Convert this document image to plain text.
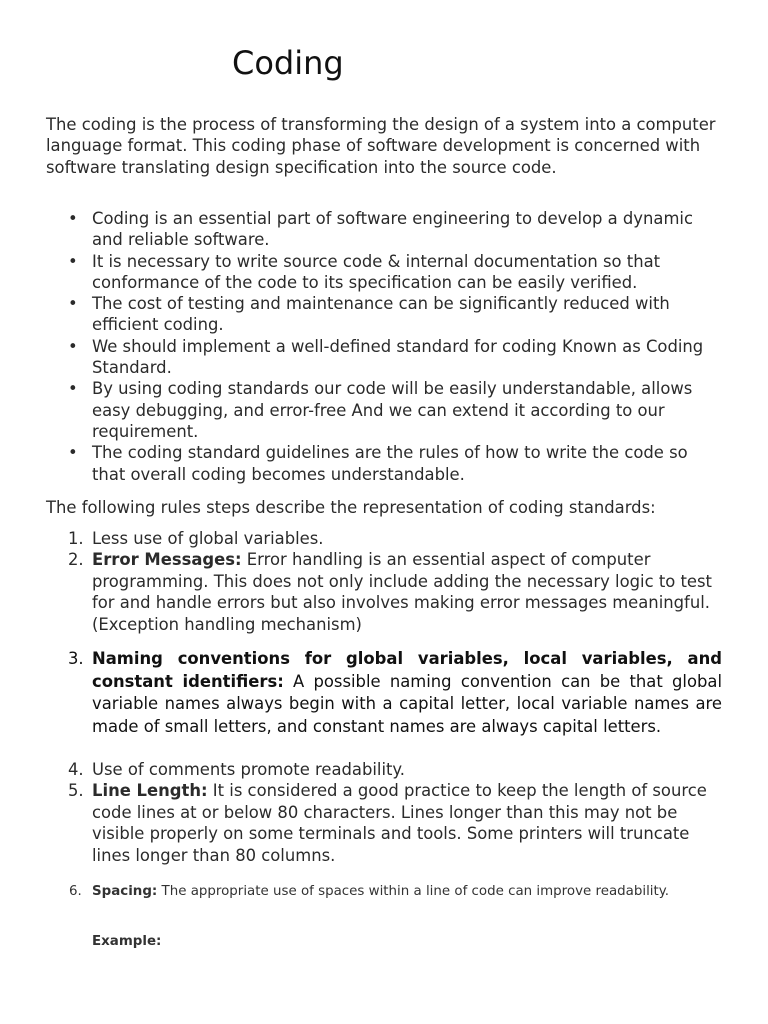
Coding

The coding is the process of transforming the design of a system into a computer language format. This coding phase of software development is concerned with software translating design specification into the source code.

• Coding is an essential part of software engineering to develop a dynamic and reliable software.
• It is necessary to write source code & internal documentation so that conformance of the code to its specification can be easily verified.
• The cost of testing and maintenance can be significantly reduced with efficient coding.
• We should implement a well-defined standard for coding Known as Coding Standard.
• By using coding standards our code will be easily understandable, allows easy debugging, and error-free And we can extend it according to our requirement.
• The coding standard guidelines are the rules of how to write the code so that overall coding becomes understandable.

The following rules steps describe the representation of coding standards:

1. Less use of global variables.
2. Error Messages: Error handling is an essential aspect of computer programming. This does not only include adding the necessary logic to test for and handle errors but also involves making error messages meaningful.(Exception handling mechanism)
3. Naming conventions for global variables, local variables, and constant identifiers: A possible naming convention can be that global variable names always begin with a capital letter, local variable names are made of small letters, and constant names are always capital letters.
4. Use of comments promote readability.
5. Line Length: It is considered a good practice to keep the length of source code lines at or below 80 characters. Lines longer than this may not be visible properly on some terminals and tools. Some printers will truncate lines longer than 80 columns.
6. Spacing: The appropriate use of spaces within a line of code can improve readability.
Example:
